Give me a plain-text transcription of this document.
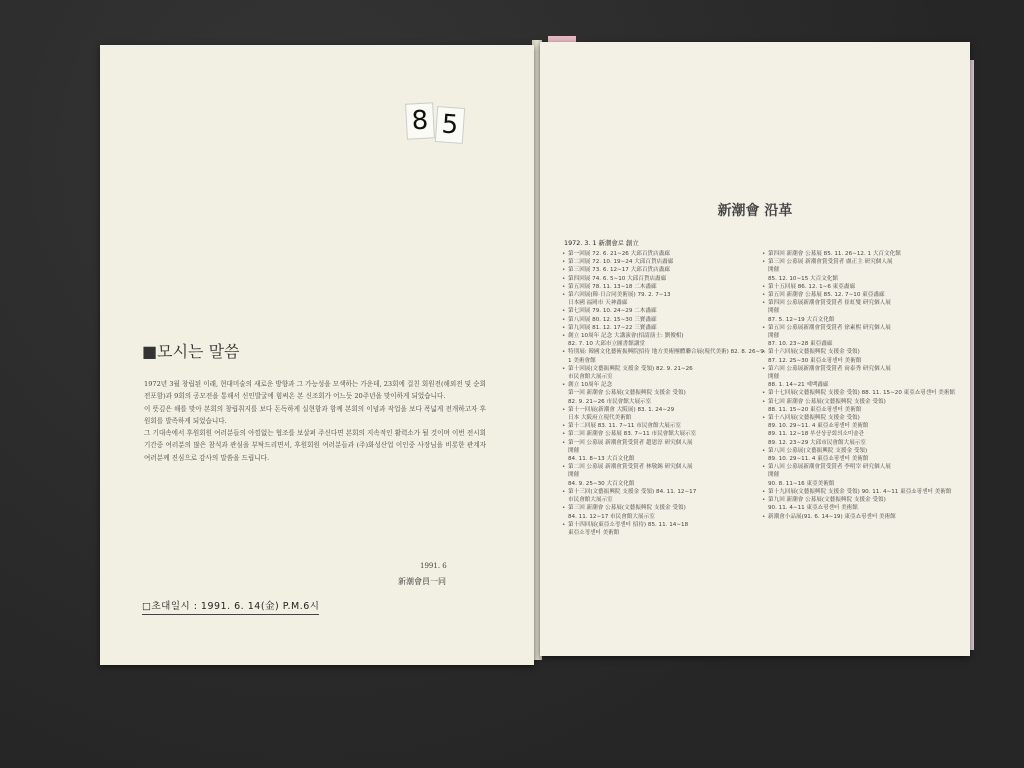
8 5
■모시는 말씀

1972년 3월 창립된 이래, 현대미술의 새로운 방향과 그 가능성을 모색하는 가운데, 23회에 걸친 회원전(해외전 및 순회전포함)과 9회의 공모전을 통해서 신인발굴에 힘써온 본 신조회가 어느듯 20주년을 맞이하게 되었습니다.

이 뜻깊은 해를 맞아 본회의 창립취지를 보다 돈독하게 실현함과 함께 본회의 이념과 작업을 보다 폭넓게 전개하고자 후원회를 발족하게 되었습니다.

그 기대속에서 후원회원 여러분들의 아낌없는 협조를 보살펴 주신다면 본회의 지속적인 활력소가 될 것이며 이번 전시회 기간중 여러분의 많은 참석과 관심을 부탁드리면서, 후원회원 여러분들과 (주)화성산업 이인중 사장님을 비롯한 관계자 여러분께 진심으로 감사의 말씀을 드립니다.

1991. 6
新潮會員一同
□초대일시 : 1991. 6. 14(金) P.M.6시
新潮會 沿革
1972. 3. 1 新潮會로 創立
• 第一回展 72. 6. 21∼26 大邱百貨店畵廊
• 第二回展 72. 10. 19∼24 大邱百貨店畵廊
• 第三回展 73. 6. 12∼17 大邱百貨店畵廊
• 第四回展 74. 6. 5∼10 大邱百貨店畵廊
• 第五回展 78. 11. 13∼18 二木畵廊
• 第六回展(韓·日合同美術展) 79. 2. 7∼13
日本國 福岡市 天神畵廊
• 第七回展 79. 10. 24∼29 二木畵廊
• 第八回展 80. 12. 15∼30 三寶畵廊
• 第九回展 81. 12. 17∼22 三寶畵廊
• 創立 10周年 記念 大講演會(招請演士: 劉俊相)
82. 7. 10 大邱市立圖書館講堂
• 特別展: 韓國文化藝術振興院招待 地方美術團體聯合展(現代美術) 82. 8. 26∼9. 1 美術會館
• 第十回展(文藝振興院 支援金 受領) 82. 9. 21∼26
市民會館大展示室
• 創立 10周年 記念
第一回 新潮會 公募展(文藝振興院 支援金 受領)
82. 9. 21∼26 市民會館大展示室
• 第十一回展(新潮會 大阪展) 83. 1. 24∼29
日本 大阪府立現代美術館
• 第十二回展 83. 11. 7∼11 市民會館大展示室
• 第二回 新潮會 公募展 83. 7∼11 市民會館大展示室
• 第一回 公募展 新潮會賞受賞者 趙恩淳 研究個人展
開催
84. 11. 8∼13 大百文化館
• 第二回 公募展 新潮會賞受賞者 林敬錫 研究個人展
開催
84. 9. 25∼30 大百文化館
• 第十三回(文藝振興院 支援金 受領) 84. 11. 12∼17
市民會館大展示室
• 第三回 新潮會 公募展(文藝振興院 支援金 受領)
84. 11. 12∼17 市民會館大展示室
• 第十四回展(東亞소정센터 招待) 85. 11. 14∼18
東亞소정센터 美術館
• 第四回 新潮會 公募展 85. 11. 26∼12. 1 大百文化館
• 第三回 公募展 新潮會賞受賞者 盧正主 研究個人展
開催
85. 12. 10∼15 大百文化館
• 第十五回展 86. 12. 1∼6 東亞畵廊
• 第五回 新潮會 公募展 85. 12. 7∼10 東亞畵廊
• 第四回 公募展新潮會賞受賞者 崔虹燮 研究個人展
開催
87. 5. 12∼19 大百文化館
• 第五回 公募展新潮會賞受賞者 徐素熙 研究個人展
開催
87. 10. 23∼28 東亞畵廊
• 第十六回展(文藝振興院 支援金 受領)
87. 12. 25∼30 東亞쇼핑센터 美術館
• 第六回 公募展新潮會賞受賞者 尙泰秀 研究個人展
開催
88. 1. 14∼21 예백畵廊
• 第十七回展(文藝振興院 支援金 受領) 88. 11. 15∼20 東亞쇼핑센터 美術館
• 第七回 新潮會 公募展(文藝振興院 支援金 受領)
88. 11. 15∼20 東亞쇼핑센터 美術館
• 第十八回展(文藝振興院 支援金 受領)
89. 10. 29∼11. 4 東亞쇼핑센터 美術館
89. 11. 12∼18 부산상공회의소미술관
89. 12. 23∼29 大邱市民會館大展示室
• 第八回 公募展(文藝振興院 支援金 受領)
89. 10. 29∼11. 4 東亞쇼핑센터 美術館
• 第八回 公募展新潮會賞受賞者 李明宰 研究個人展
開催
90. 8. 11∼16 東亞美術館
• 第十九回展(文藝振興院 支援金 受領) 90. 11. 4∼11 東亞쇼핑센터 美術館
• 第九回 新潮會 公募展(文藝振興院 支援金 受領)
90. 11. 4∼11 東亞쇼핑센터 美術館
• 新潮會小品展(91. 6. 14∼19) 東亞쇼핑센터 美術館
